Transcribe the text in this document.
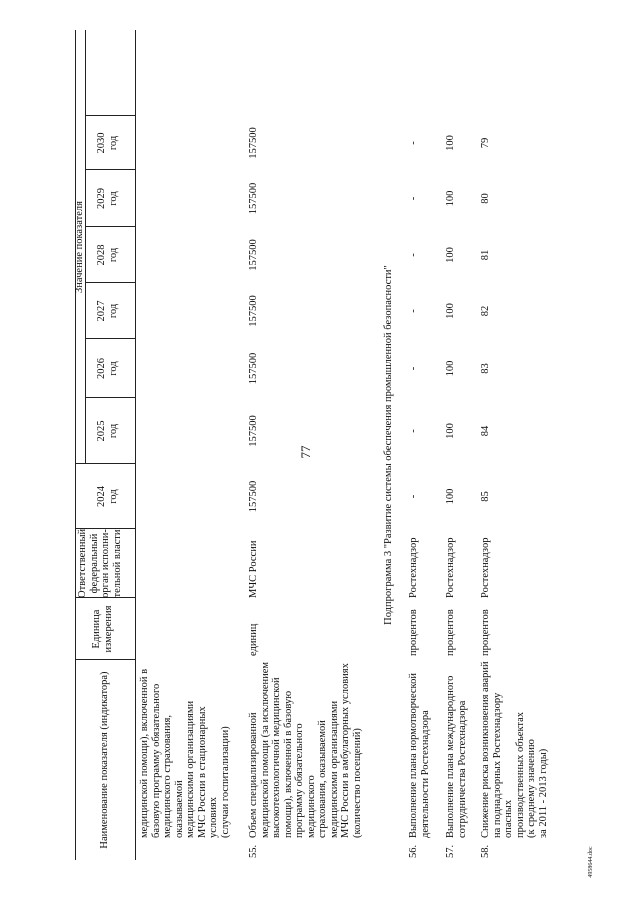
77
4958644.doc
Наименование показателя (индикатора)
Единица
измерения
Ответственный
федеральный
орган исполни-
тельной власти
Значение показателя
2024
год
2025
год
2026
год
2027
год
2028
год
2029
год
2030
год
медицинской помощи), включенной в
базовую программу обязательного
медицинского страхования, оказываемой
медицинскими организациями
МЧС России в стационарных условиях
(случаи госпитализации)
55.
Объем специализированной
медицинской помощи (за исключением
высокотехнологичной медицинской
помощи), включенной в базовую
программу обязательного медицинского
страхования, оказываемой
медицинскими организациями
МЧС России в амбулаторных условиях
(количество посещений)
единиц
МЧС России
157500
157500
157500
157500
157500
157500
157500
Подпрограмма 3 "Развитие системы обеспечения промышленной безопасности"
56.
Выполнение плана нормотворческой
деятельности Ростехнадзора
процентов
Ростехнадзор
-
-
-
-
-
-
-
57.
Выполнение плана международного
сотрудничества Ростехнадзора
процентов
Ростехнадзор
100
100
100
100
100
100
100
58.
Снижение риска возникновения аварий
на поднадзорных Ростехнадзору опасных
производственных объектах
(к среднему значению
за 2011 - 2013 годы)
процентов
Ростехнадзор
85
84
83
82
81
80
79
